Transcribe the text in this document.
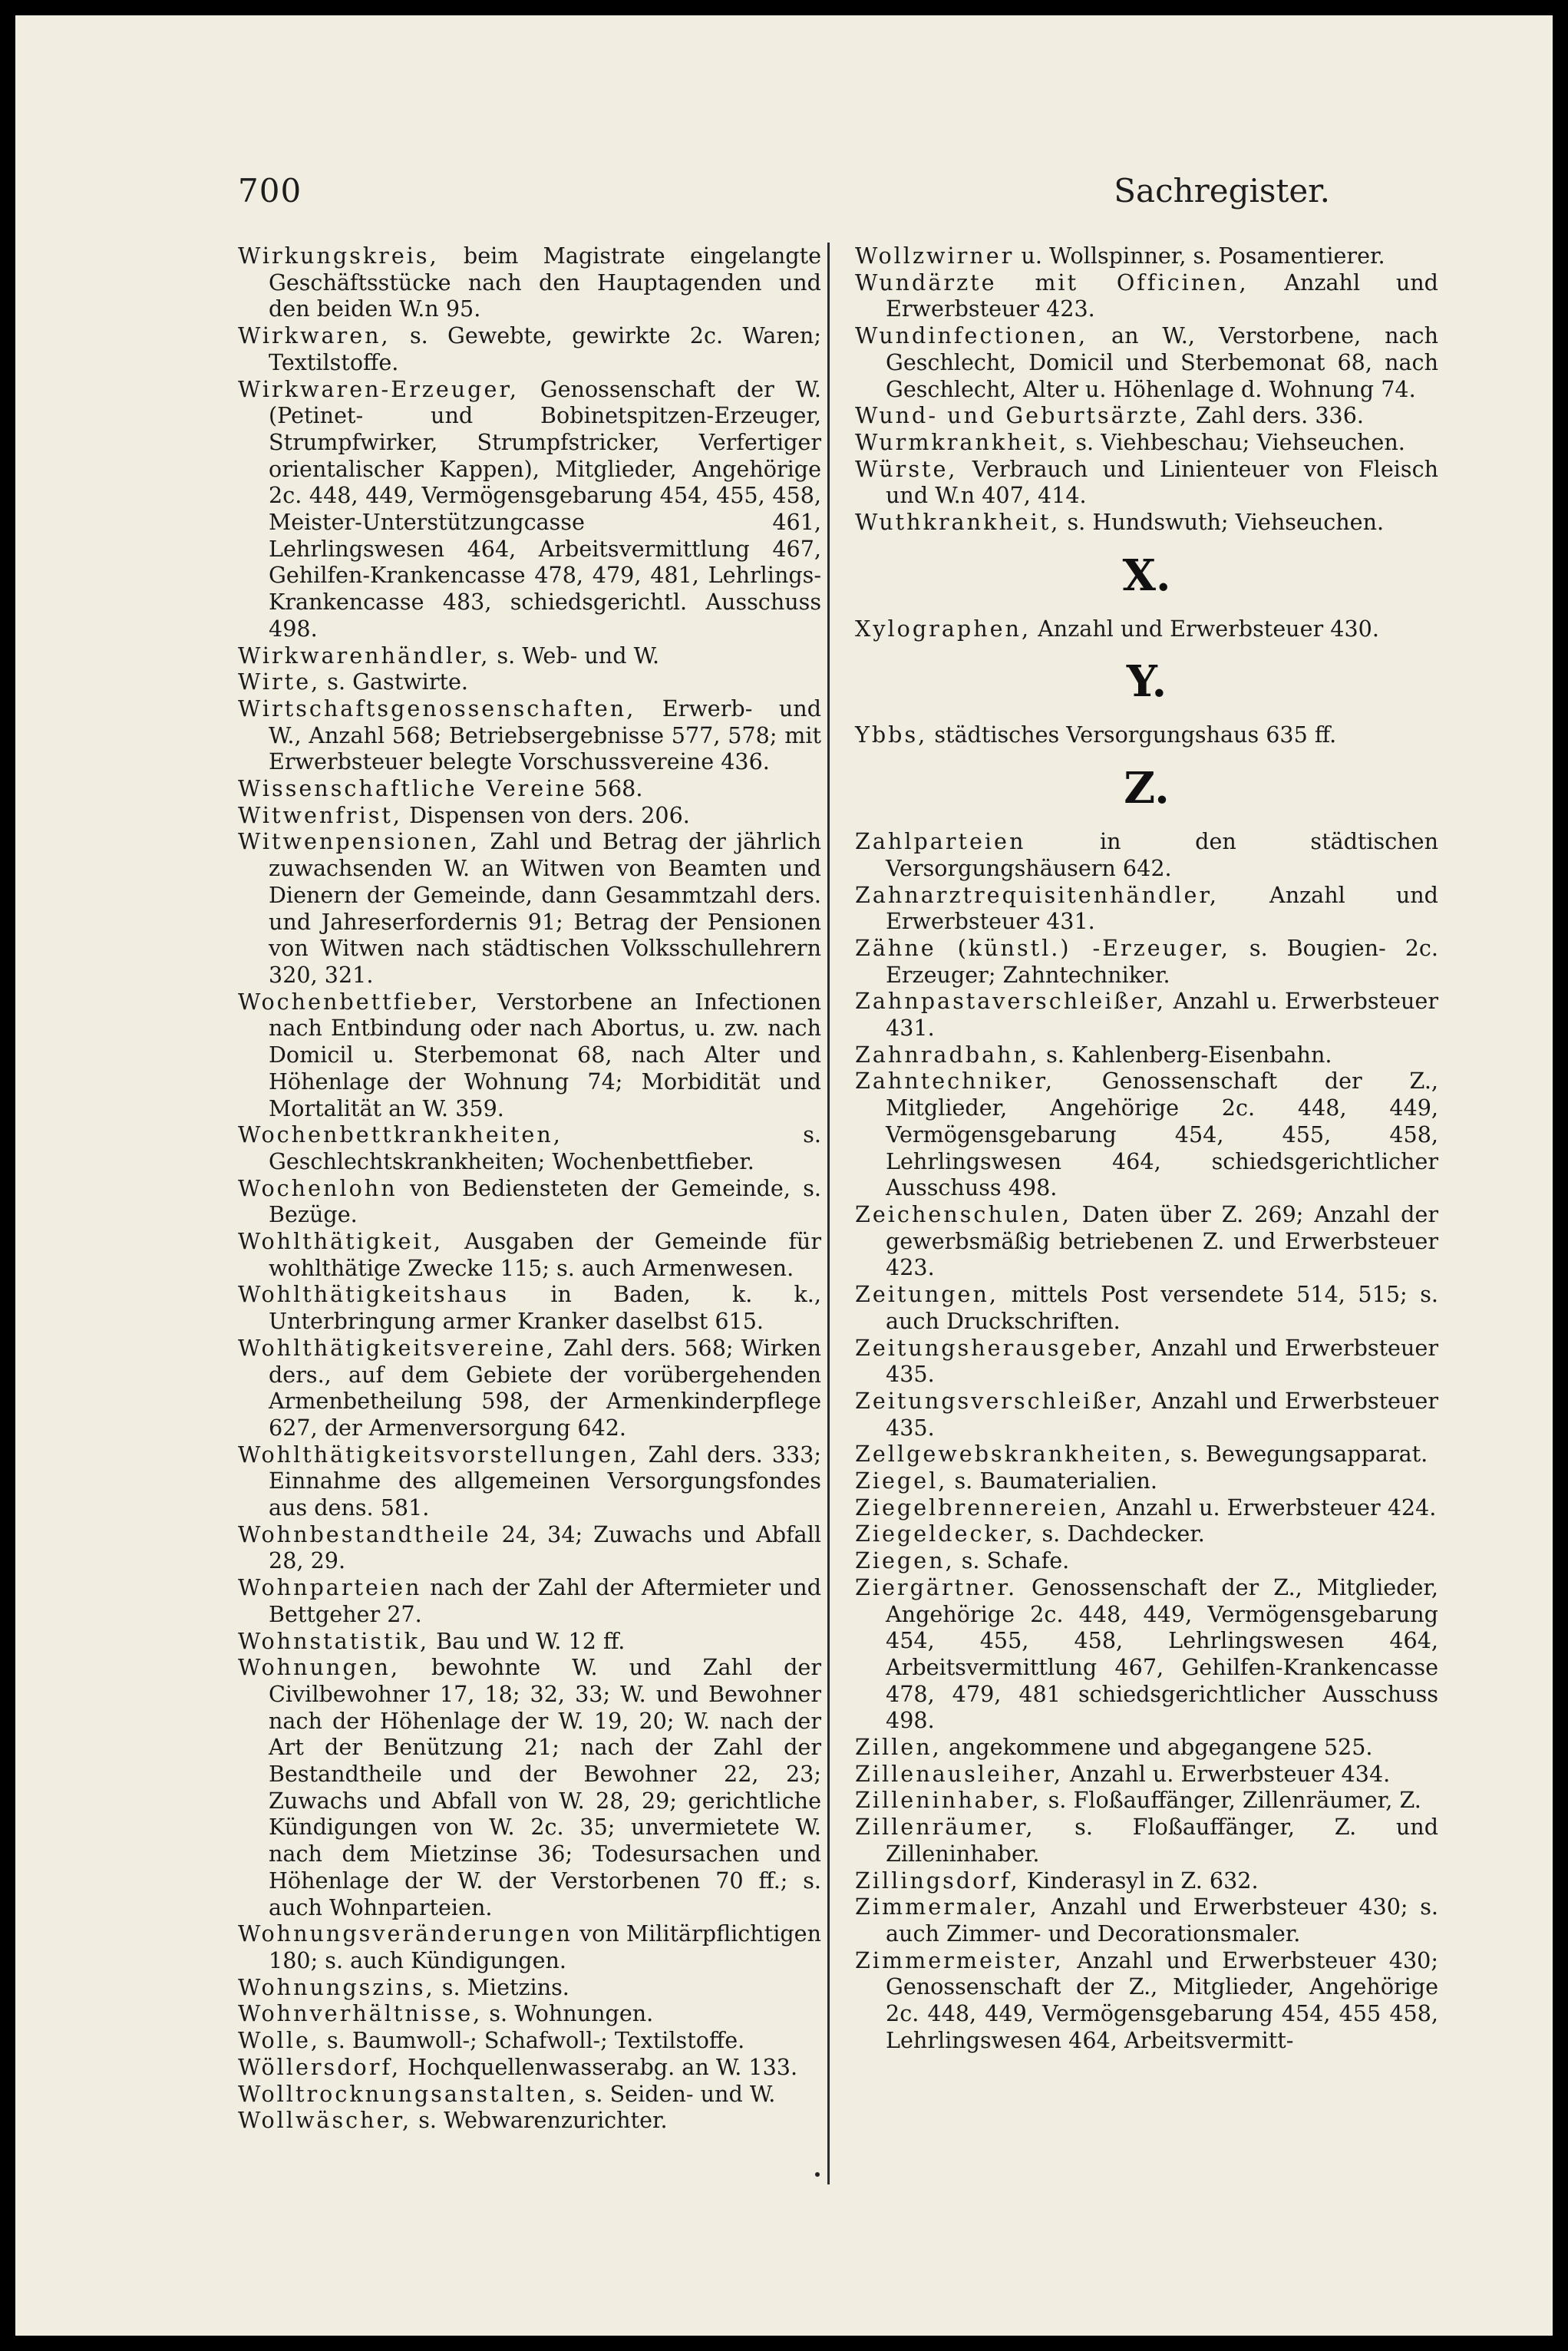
700	Sachregister.

Wirkungskreis, beim Magistrate eingelangte Geschäftsstücke nach den Hauptagenden und den beiden W.n 95.

Wirkwaren, s. Gewebte, gewirkte 2c. Waren; Textilstoffe.

Wirkwaren-Erzeuger, Genossenschaft der W. (Petinet- und Bobinetspitzen-Erzeuger, Strumpfwirker, Strumpfstricker, Verfertiger orientalischer Kappen), Mitglieder, Angehörige 2c. 448, 449, Vermögensgebarung 454, 455, 458, Meister-Unterstützungcasse 461, Lehrlingswesen 464, Arbeitsvermittlung 467, Gehilfen-Krankencasse 478, 479, 481, Lehrlings-Krankencasse 483, schiedsgerichtl. Ausschuss 498.

Wirkwarenhändler, s. Web- und W.

Wirte, s. Gastwirte.

Wirtschaftsgenossenschaften, Erwerb- und W., Anzahl 568; Betriebsergebnisse 577, 578; mit Erwerbsteuer belegte Vorschussvereine 436.

Wissenschaftliche Vereine 568.

Witwenfrist, Dispensen von ders. 206.

Witwenpensionen, Zahl und Betrag der jährlich zuwachsenden W. an Witwen von Beamten und Dienern der Gemeinde, dann Gesammtzahl ders. und Jahreserfordernis 91; Betrag der Pensionen von Witwen nach städtischen Volksschullehrern 320, 321.

Wochenbettfieber, Verstorbene an Infectionen nach Entbindung oder nach Abortus, u. zw. nach Domicil u. Sterbemonat 68, nach Alter und Höhenlage der Wohnung 74; Morbidität und Mortalität an W. 359.

Wochenbettkrankheiten, s. Geschlechtskrankheiten; Wochenbettfieber.

Wochenlohn von Bediensteten der Gemeinde, s. Bezüge.

Wohlthätigkeit, Ausgaben der Gemeinde für wohlthätige Zwecke 115; s. auch Armenwesen.

Wohlthätigkeitshaus in Baden, k. k., Unterbringung armer Kranker daselbst 615.

Wohlthätigkeitsvereine, Zahl ders. 568; Wirken ders., auf dem Gebiete der vorübergehenden Armenbetheilung 598, der Armenkinderpflege 627, der Armenversorgung 642.

Wohlthätigkeitsvorstellungen, Zahl ders. 333; Einnahme des allgemeinen Versorgungsfondes aus dens. 581.

Wohnbestandtheile 24, 34; Zuwachs und Abfall 28, 29.

Wohnparteien nach der Zahl der Aftermieter und Bettgeher 27.

Wohnstatistik, Bau und W. 12 ff.

Wohnungen, bewohnte W. und Zahl der Civilbewohner 17, 18; 32, 33; W. und Bewohner nach der Höhenlage der W. 19, 20; W. nach der Art der Benützung 21; nach der Zahl der Bestandtheile und der Bewohner 22, 23; Zuwachs und Abfall von W. 28, 29; gerichtliche Kündigungen von W. 2c. 35; unvermietete W. nach dem Mietzinse 36; Todesursachen und Höhenlage der W. der Verstorbenen 70 ff.; s. auch Wohnparteien.

Wohnungsveränderungen von Militärpflichtigen 180; s. auch Kündigungen.

Wohnungszins, s. Mietzins.

Wohnverhältnisse, s. Wohnungen.

Wolle, s. Baumwoll-; Schafwoll-; Textilstoffe.

Wöllersdorf, Hochquellenwasserabg. an W. 133.

Wolltrocknungsanstalten, s. Seiden- und W.

Wollwäscher, s. Webwarenzurichter.

Wollzwirner u. Wollspinner, s. Posamentierer.

Wundärzte mit Officinen, Anzahl und Erwerbsteuer 423.

Wundinfectionen, an W., Verstorbene, nach Geschlecht, Domicil und Sterbemonat 68, nach Geschlecht, Alter u. Höhenlage d. Wohnung 74.

Wund- und Geburtsärzte, Zahl ders. 336.

Wurmkrankheit, s. Viehbeschau; Viehseuchen.

Würste, Verbrauch und Linienteuer von Fleisch und W.n 407, 414.

Wuthkrankheit, s. Hundswuth; Viehseuchen.

X.

Xylographen, Anzahl und Erwerbsteuer 430.

Y.

Ybbs, städtisches Versorgungshaus 635 ff.

Z.

Zahlparteien in den städtischen Versorgungshäusern 642.

Zahnarztrequisitenhändler, Anzahl und Erwerbsteuer 431.

Zähne (künstl.) -Erzeuger, s. Bougien- 2c. Erzeuger; Zahntechniker.

Zahnpastaverschleißer, Anzahl u. Erwerbsteuer 431.

Zahnradbahn, s. Kahlenberg-Eisenbahn.

Zahntechniker, Genossenschaft der Z., Mitglieder, Angehörige 2c. 448, 449, Vermögensgebarung 454, 455, 458, Lehrlingswesen 464, schiedsgerichtlicher Ausschuss 498.

Zeichenschulen, Daten über Z. 269; Anzahl der gewerbsmäßig betriebenen Z. und Erwerbsteuer 423.

Zeitungen, mittels Post versendete 514, 515; s. auch Druckschriften.

Zeitungsherausgeber, Anzahl und Erwerbsteuer 435.

Zeitungsverschleißer, Anzahl und Erwerbsteuer 435.

Zellgewebskrankheiten, s. Bewegungsapparat.

Ziegel, s. Baumaterialien.

Ziegelbrennereien, Anzahl u. Erwerbsteuer 424.

Ziegeldecker, s. Dachdecker.

Ziegen, s. Schafe.

Ziergärtner. Genossenschaft der Z., Mitglieder, Angehörige 2c. 448, 449, Vermögensgebarung 454, 455, 458, Lehrlingswesen 464, Arbeitsvermittlung 467, Gehilfen-Krankencasse 478, 479, 481 schiedsgerichtlicher Ausschuss 498.

Zillen, angekommene und abgegangene 525.

Zillenausleiher, Anzahl u. Erwerbsteuer 434.

Zilleninhaber, s. Floßauffänger, Zillenräumer, Z.

Zillenräumer, s. Floßauffänger, Z. und Zilleninhaber.

Zillingsdorf, Kinderasyl in Z. 632.

Zimmermaler, Anzahl und Erwerbsteuer 430; s. auch Zimmer- und Decorationsmaler.

Zimmermeister, Anzahl und Erwerbsteuer 430; Genossenschaft der Z., Mitglieder, Angehörige 2c. 448, 449, Vermögensgebarung 454, 455 458, Lehrlingswesen 464, Arbeitsvermitt-
